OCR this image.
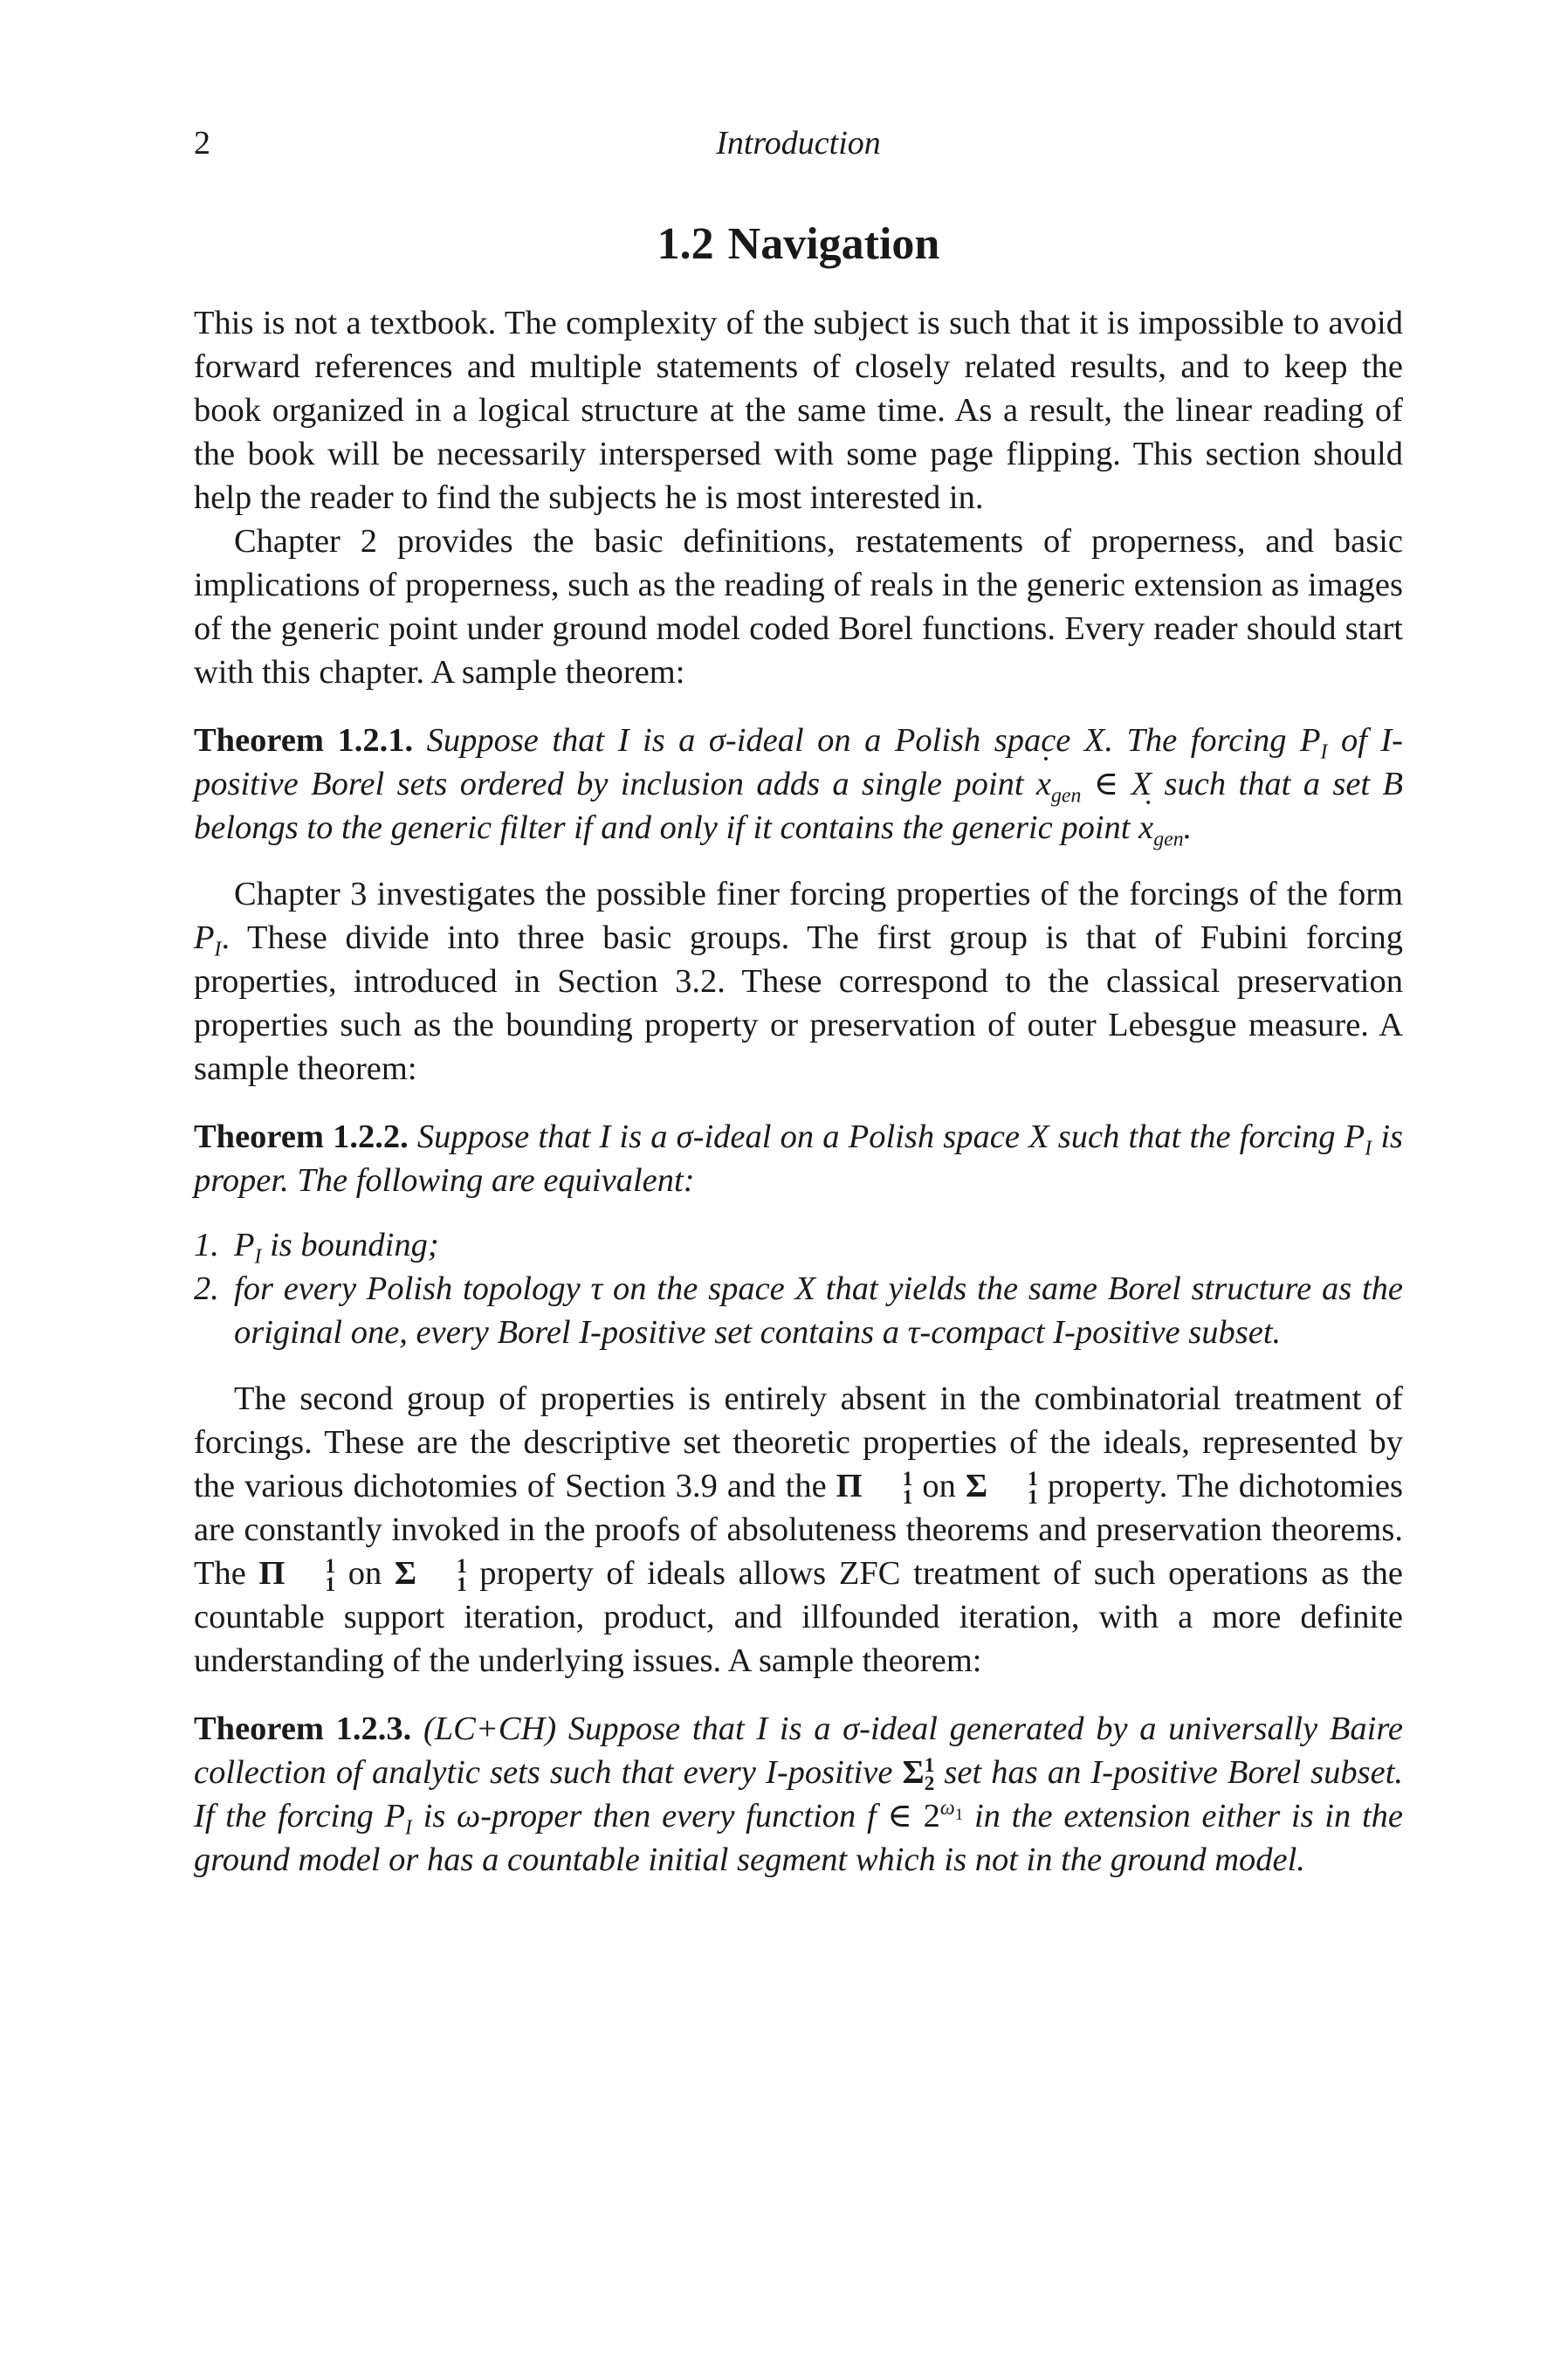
2	Introduction
1.2 Navigation

This is not a textbook. The complexity of the subject is such that it is impossible to avoid forward references and multiple statements of closely related results, and to keep the book organized in a logical structure at the same time. As a result, the linear reading of the book will be necessarily interspersed with some page flipping. This section should help the reader to find the subjects he is most interested in.

Chapter 2 provides the basic definitions, restatements of properness, and basic implications of properness, such as the reading of reals in the generic extension as images of the generic point under ground model coded Borel functions. Every reader should start with this chapter. A sample theorem:

Theorem 1.2.1. Suppose that I is a σ-ideal on a Polish space X. The forcing $P_I$ of I-positive Borel sets ordered by inclusion adds a single point ˙ $x_{gen}$ ∈ X such that a set B belongs to the generic filter if and only if it contains the generic point ˙ $x_{gen}$.

Chapter 3 investigates the possible finer forcing properties of the forcings of the form $P_I$. These divide into three basic groups. The first group is that of Fubini forcing properties, introduced in Section 3.2. These correspond to the classical preservation properties such as the bounding property or preservation of outer Lebesgue measure. A sample theorem:

Theorem 1.2.2. Suppose that I is a σ-ideal on a Polish space X such that the forcing $P_I$ is proper. The following are equivalent:
1. $P_I$ is bounding;
2. for every Polish topology τ on the space X that yields the same Borel structure as the original one, every Borel I-positive set contains a τ-compact I-positive subset.

The second group of properties is entirely absent in the combinatorial treatment of forcings. These are the descriptive set theoretic properties of the ideals, represented by the various dichotomies of Section 3.9 and the Π	1
1 on Σ	1
1 property. The dichotomies are constantly invoked in the proofs of absoluteness theorems and preservation theorems. The Π	1
1 on Σ	1
1 property of ideals allows ZFC treatment of such operations as the countable support iteration, product, and illfounded iteration, with a more definite understanding of the underlying issues. A sample theorem:

Theorem 1.2.3. (LC+CH) Suppose that I is a σ-ideal generated by a universally Baire collection of analytic sets such that every I-positive Σ 1
2 set has an I-positive Borel subset. If the forcing $P_I$ is ω-proper then every function f ∈ $2^{\omega_1}$ in the extension either is in the ground model or has a countable initial segment which is not in the ground model.
